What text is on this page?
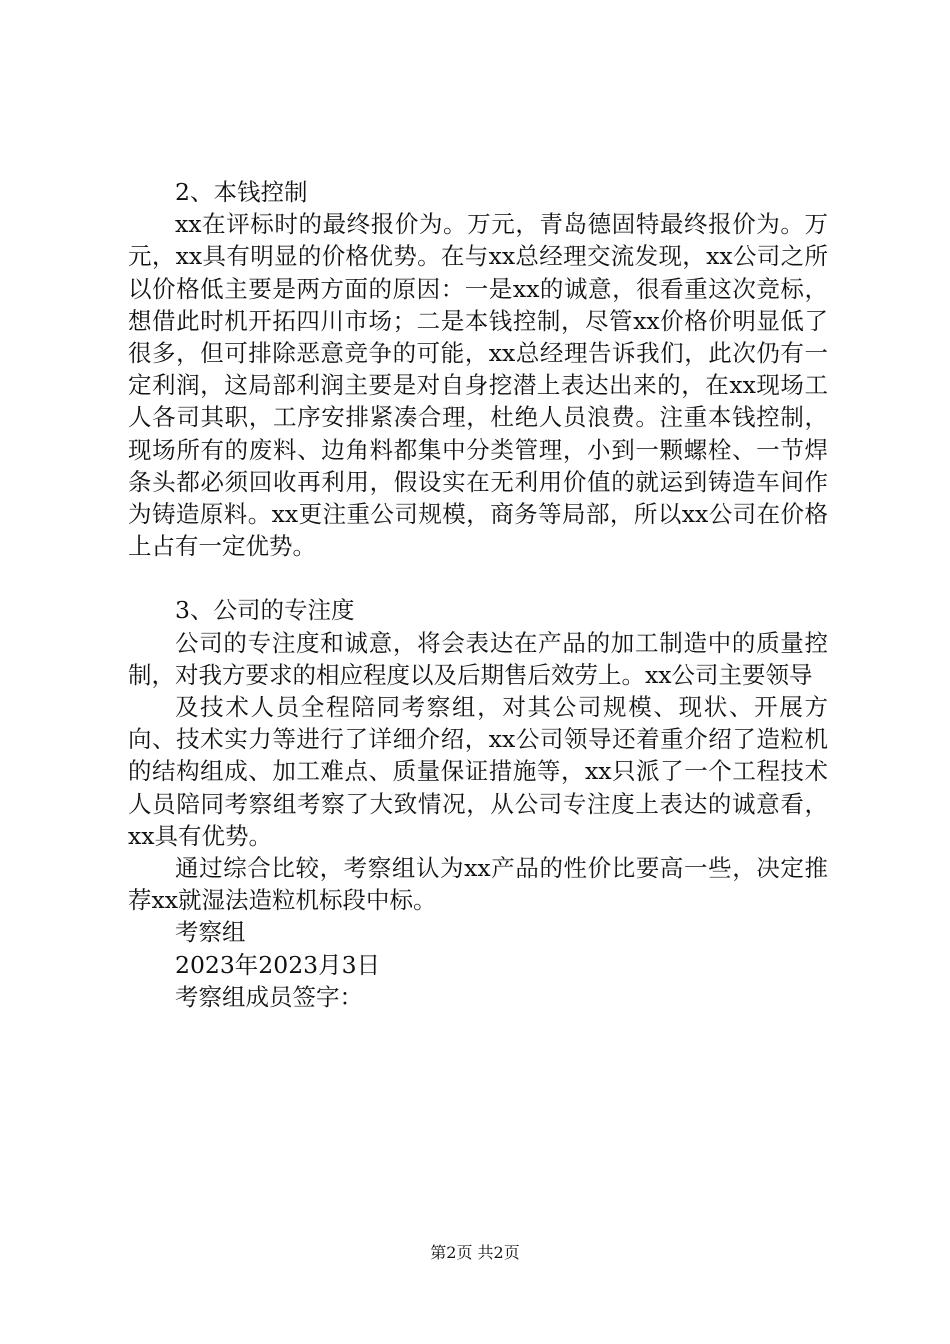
2、本钱控制

xx在评标时的最终报价为。万元，青岛德固特最终报价为。万元，xx具有明显的价格优势。在与xx总经理交流发现，xx公司之所以价格低主要是两方面的原因：一是xx的诚意，很看重这次竞标，想借此时机开拓四川市场；二是本钱控制，尽管xx价格价明显低了很多，但可排除恶意竞争的可能，xx总经理告诉我们，此次仍有一定利润，这局部利润主要是对自身挖潜上表达出来的，在xx现场工人各司其职，工序安排紧凑合理，杜绝人员浪费。注重本钱控制，现场所有的废料、边角料都集中分类管理，小到一颗螺栓、一节焊条头都必须回收再利用，假设实在无利用价值的就运到铸造车间作为铸造原料。xx更注重公司规模，商务等局部，所以xx公司在价格上占有一定优势。

3、公司的专注度

公司的专注度和诚意，将会表达在产品的加工制造中的质量控制，对我方要求的相应程度以及后期售后效劳上。xx公司主要领导

及技术人员全程陪同考察组，对其公司规模、现状、开展方向、技术实力等进行了详细介绍，xx公司领导还着重介绍了造粒机的结构组成、加工难点、质量保证措施等，xx只派了一个工程技术人员陪同考察组考察了大致情况，从公司专注度上表达的诚意看，xx具有优势。

通过综合比较，考察组认为xx产品的性价比要高一些，决定推荐xx就湿法造粒机标段中标。

考察组

2023年2023月3日

考察组成员签字：

第2页 共2页
